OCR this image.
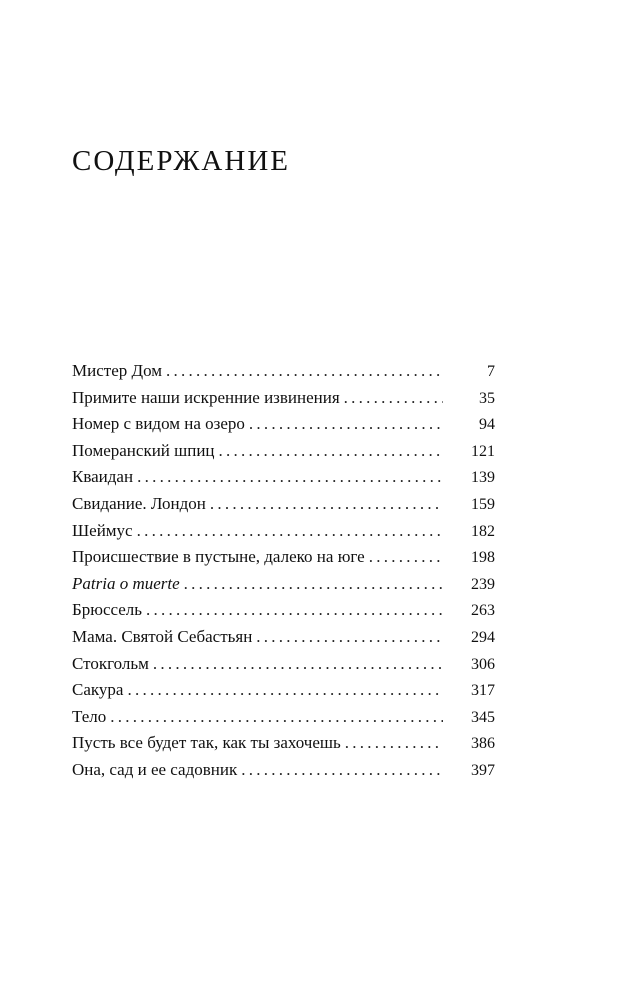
СОДЕРЖАНИЕ
Мистер Дом . . .	7
Примите наши искренние извинения . . .	35
Номер с видом на озеро . . .	94
Померанский шпиц . . .	121
Кваидан . . .	139
Свидание. Лондон . . .	159
Шеймус . . .	182
Происшествие в пустыне, далеко на юге . . .	198
Patria o muerte . . .	239
Брюссель . . .	263
Мама. Святой Себастьян . . .	294
Стокгольм . . .	306
Сакура . . .	317
Тело . . .	345
Пусть все будет так, как ты захочешь . . .	386
Она, сад и ее садовник . . .	397
